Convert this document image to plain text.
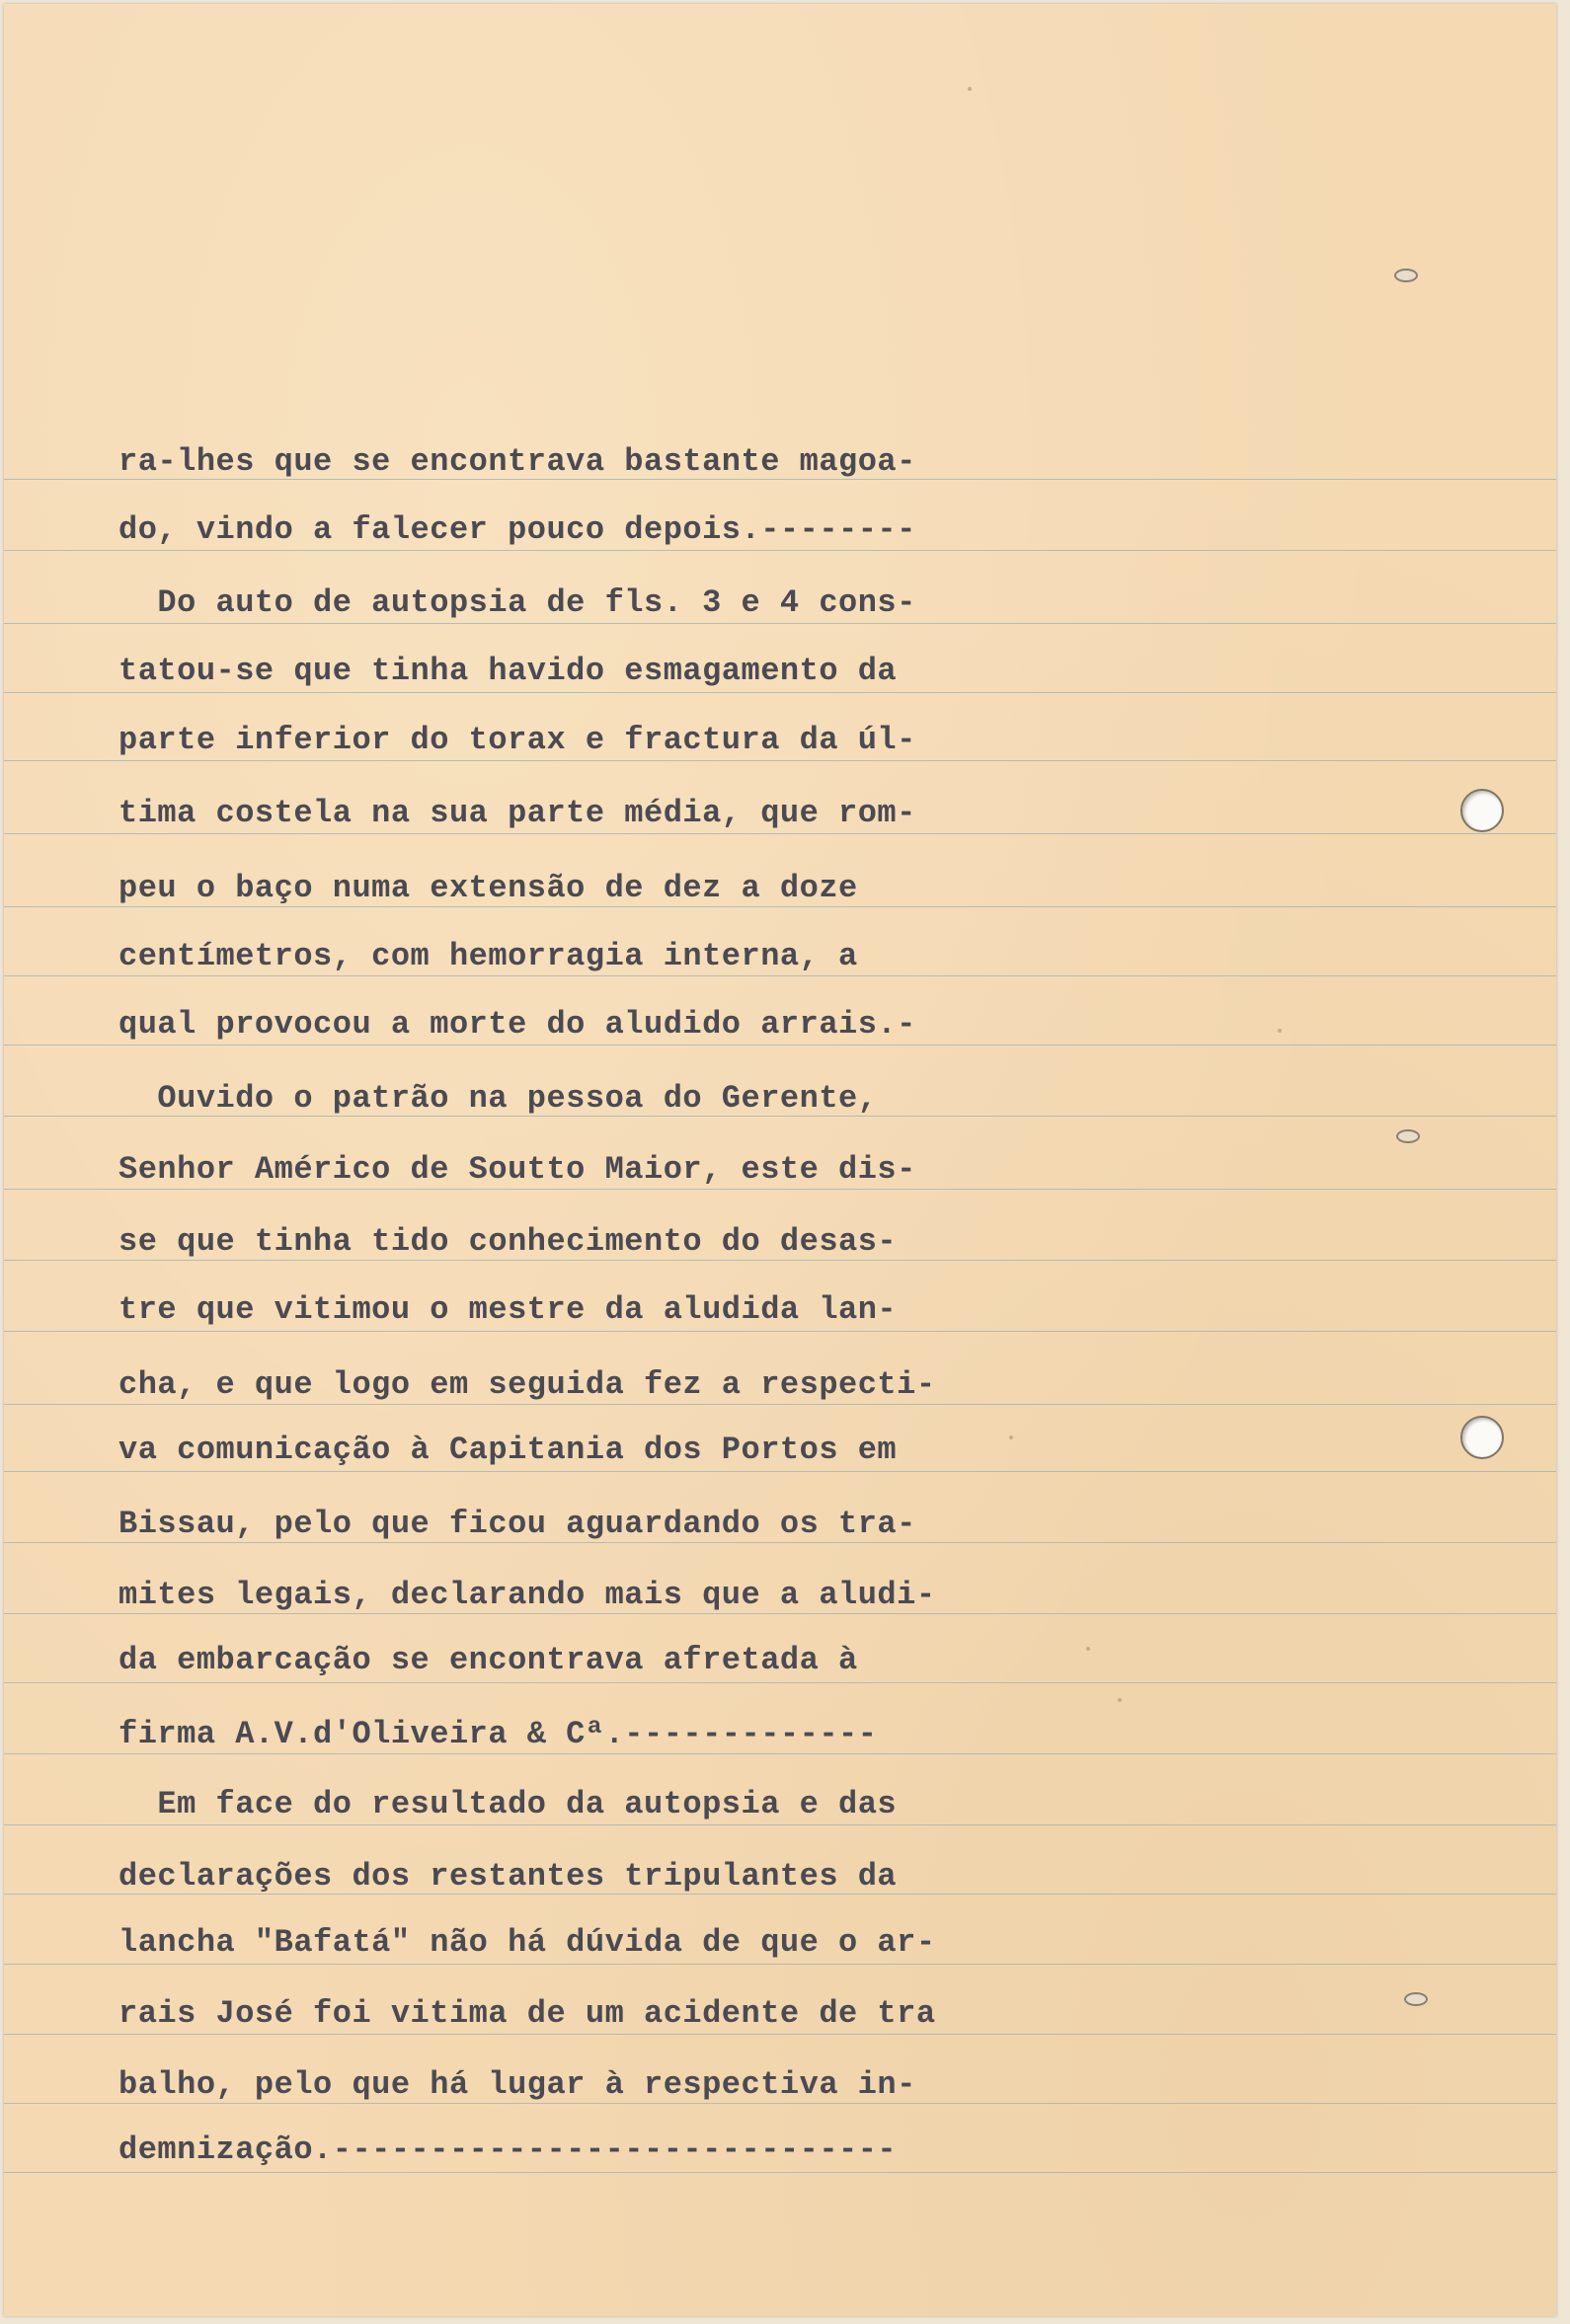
ra-lhes que se encontrava bastante magoa-
do, vindo a falecer pouco depois.--------
Do auto de autopsia de fls. 3 e 4 cons-
tatou-se que tinha havido esmagamento da
parte inferior do torax e fractura da úl-
tima costela na sua parte média, que rom-
peu o baço numa extensão de dez a doze
centímetros, com hemorragia interna, a
qual provocou a morte do aludido arrais.-
Ouvido o patrão na pessoa do Gerente,
Senhor Américo de Soutto Maior, este dis-
se que tinha tido conhecimento do desas-
tre que vitimou o mestre da aludida lan-
cha, e que logo em seguida fez a respecti-
va comunicação à Capitania dos Portos em
Bissau, pelo que ficou aguardando os tra-
mites legais, declarando mais que a aludi-
da embarcação se encontrava afretada à
firma A.V.d'Oliveira & Cª.-------------
Em face do resultado da autopsia e das
declarações dos restantes tripulantes da
lancha "Bafatá" não há dúvida de que o ar-
rais José foi vitima de um acidente de tra
balho, pelo que há lugar à respectiva in-
demnização.-----------------------------
